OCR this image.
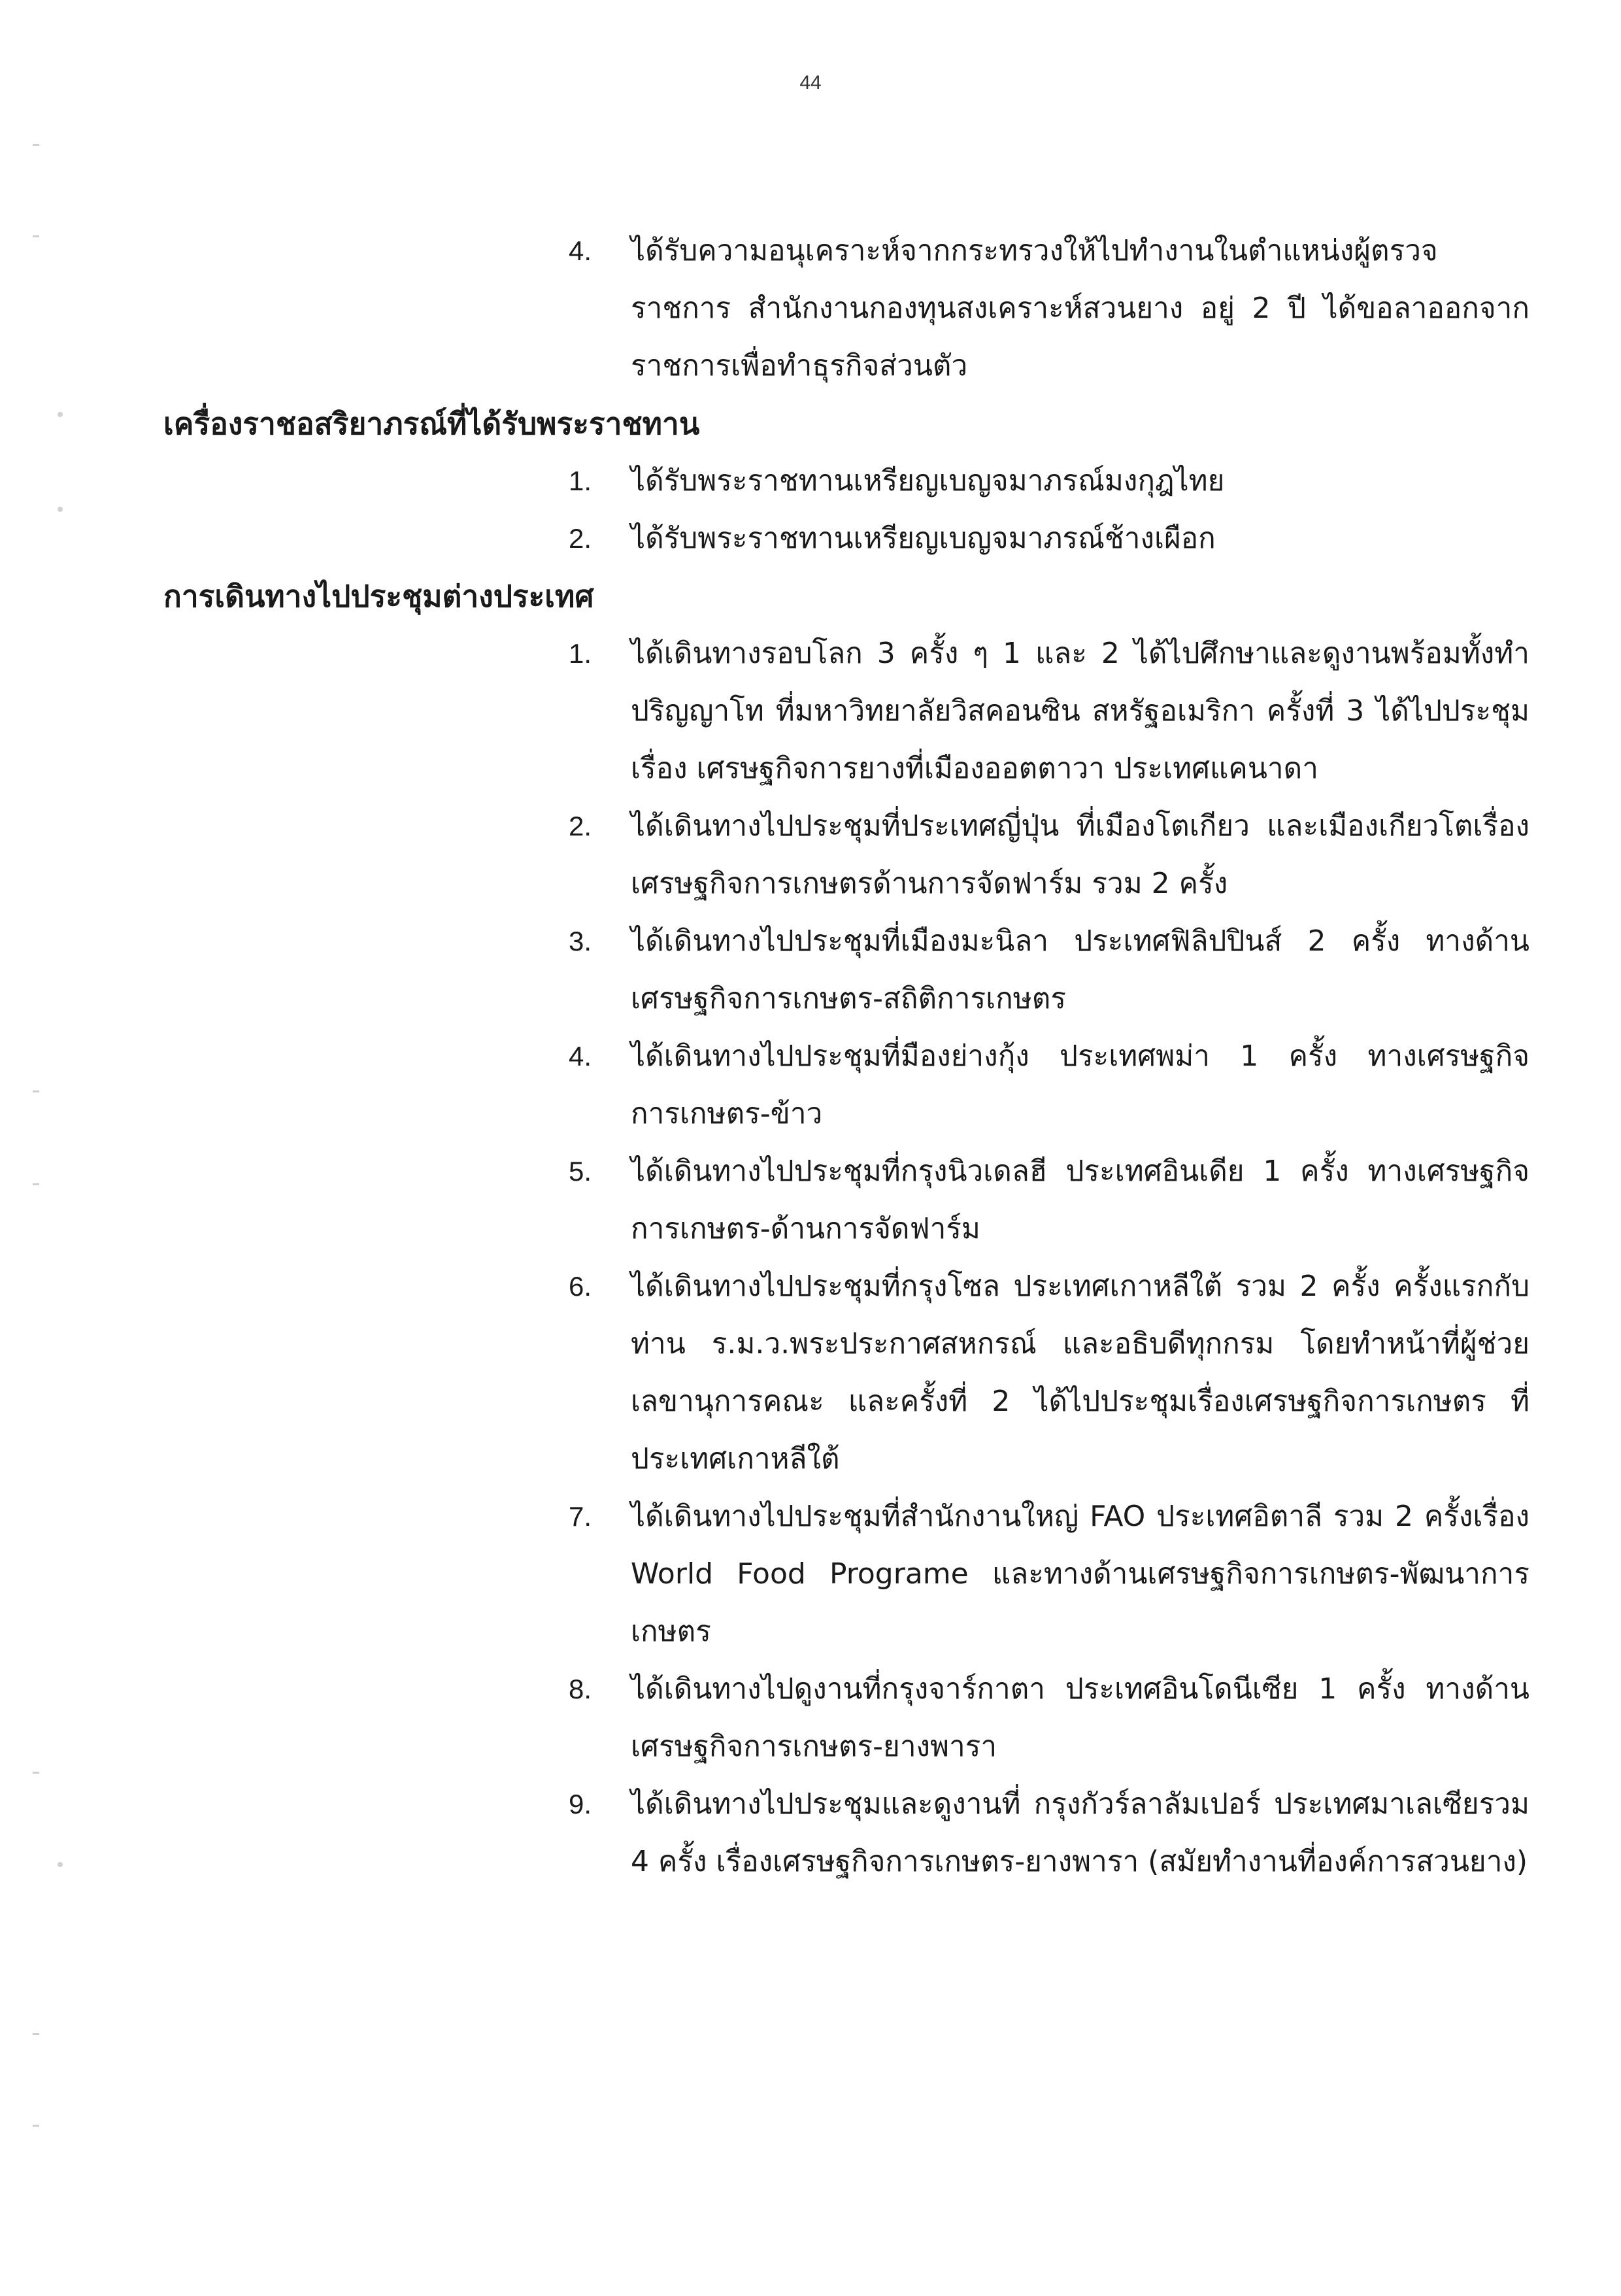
44
4.	ได้รับความอนุเคราะห์จากกระทรวงให้ไปทำงานในตำแหน่งผู้ตรวจราชการ สำนักงานกองทุนสงเคราะห์สวนยาง อยู่ 2 ปี ได้ขอลาออกจากราชการเพื่อทำธุรกิจส่วนตัว
เครื่องราชอสริยาภรณ์ที่ได้รับพระราชทาน
1.	ได้รับพระราชทานเหรียญเบญจมาภรณ์มงกุฎไทย
2.	ได้รับพระราชทานเหรียญเบญจมาภรณ์ช้างเผือก
การเดินทางไปประชุมต่างประเทศ
1.	ได้เดินทางรอบโลก 3 ครั้ง ๆ 1 และ 2 ได้ไปศึกษาและดูงานพร้อมทั้งทำปริญญาโท ที่มหาวิทยาลัยวิสคอนซิน สหรัฐอเมริกา ครั้งที่ 3 ได้ไปประชุมเรื่อง เศรษฐกิจการยางที่เมืองออตตาวา ประเทศแคนาดา
2.	ได้เดินทางไปประชุมที่ประเทศญี่ปุ่น ที่เมืองโตเกียว และเมืองเกียวโตเรื่องเศรษฐกิจการเกษตรด้านการจัดฟาร์ม รวม 2 ครั้ง
3.	ได้เดินทางไปประชุมที่เมืองมะนิลา ประเทศฟิลิปปินส์ 2 ครั้ง ทางด้านเศรษฐกิจการเกษตร-สถิติการเกษตร
4.	ได้เดินทางไปประชุมที่มืองย่างกุ้ง ประเทศพม่า 1 ครั้ง ทางเศรษฐกิจการเกษตร-ข้าว
5.	ได้เดินทางไปประชุมที่กรุงนิวเดลฮี ประเทศอินเดีย 1 ครั้ง ทางเศรษฐกิจการเกษตร-ด้านการจัดฟาร์ม
6.	ได้เดินทางไปประชุมที่กรุงโซล ประเทศเกาหลีใต้ รวม 2 ครั้ง ครั้งแรกกับท่าน ร.ม.ว.พระประกาศสหกรณ์ และอธิบดีทุกกรม โดยทำหน้าที่ผู้ช่วยเลขานุการคณะ และครั้งที่ 2 ได้ไปประชุมเรื่องเศรษฐกิจการเกษตร ที่ประเทศเกาหลีใต้
7.	ได้เดินทางไปประชุมที่สำนักงานใหญ่ FAO ประเทศอิตาลี รวม 2 ครั้งเรื่อง World Food Programe และทางด้านเศรษฐกิจการเกษตร-พัฒนาการเกษตร
8.	ได้เดินทางไปดูงานที่กรุงจาร์กาตา ประเทศอินโดนีเซีย 1 ครั้ง ทางด้านเศรษฐกิจการเกษตร-ยางพารา
9.	ได้เดินทางไปประชุมและดูงานที่ กรุงกัวร์ลาลัมเปอร์ ประเทศมาเลเซียรวม 4 ครั้ง เรื่องเศรษฐกิจการเกษตร-ยางพารา (สมัยทำงานที่องค์การสวนยาง)
